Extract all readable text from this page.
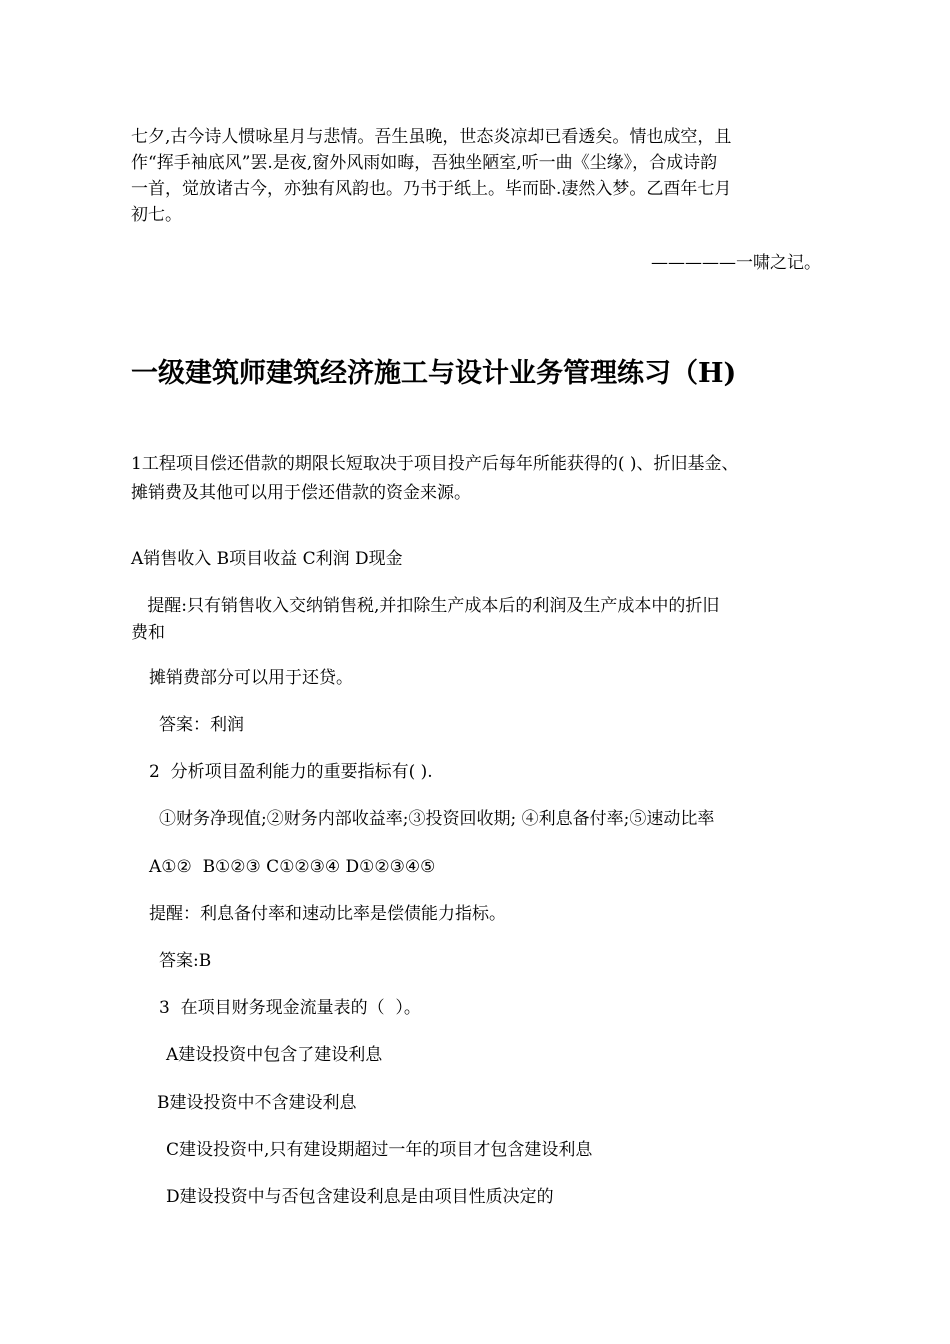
七夕,古今诗人惯咏星月与悲情。吾生虽晚，世态炎凉却已看透矣。情也成空，且
作“挥手袖底风”罢.是夜,窗外风雨如晦，吾独坐陋室,听一曲《尘缘》，合成诗韵
一首，觉放诸古今，亦独有风韵也。乃书于纸上。毕而卧.凄然入梦。乙酉年七月
初七。
—————一啸之记。
一级建筑师建筑经济施工与设计业务管理练习（H)
1工程项目偿还借款的期限长短取决于项目投产后每年所能获得的( )、折旧基金、
摊销费及其他可以用于偿还借款的资金来源。
A销售收入 B项目收益 C利润 D现金
提醒:只有销售收入交纳销售税,并扣除生产成本后的利润及生产成本中的折旧
费和
摊销费部分可以用于还贷。
答案：利润
2  分析项目盈利能力的重要指标有( ).
①财务净现值;②财务内部收益率;③投资回收期; ④利息备付率;⑤速动比率
A①②  B①②③ C①②③④ D①②③④⑤
提醒：利息备付率和速动比率是偿债能力指标。
答案:B
3  在项目财务现金流量表的（  ）。
A建设投资中包含了建设利息
B建设投资中不含建设利息
C建设投资中,只有建设期超过一年的项目才包含建设利息
D建设投资中与否包含建设利息是由项目性质决定的
